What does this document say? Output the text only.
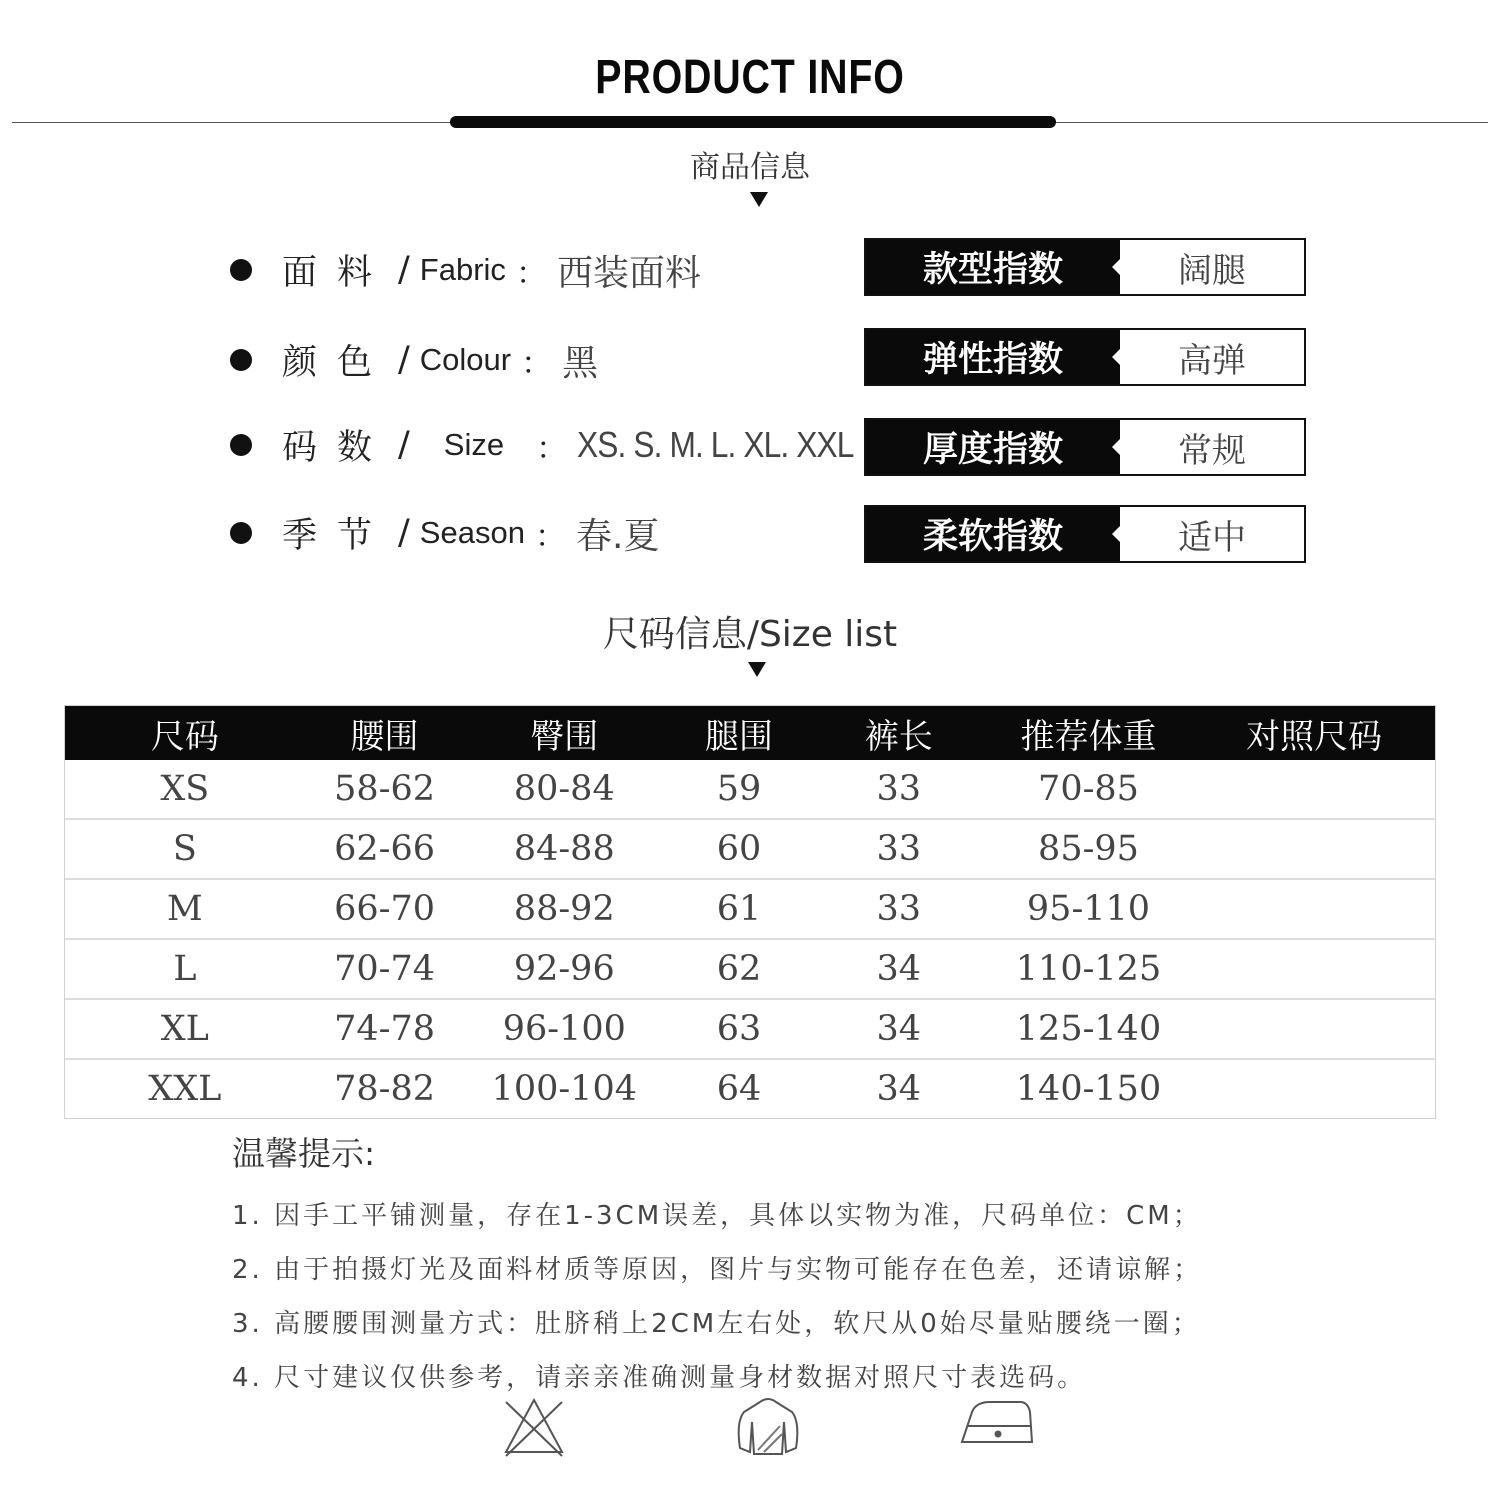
PRODUCT INFO
商品信息
面料 / Fabric ： 西装面料
颜色 / Colour ： 黑
码数 / Size ： XS. S. M. L. XL. XXL
季节 / Season ： 春.夏
款型指数	阔腿
弹性指数	高弹
厚度指数	常规
柔软指数	适中
尺码信息/Size list
尺码	腰围	臀围	腿围	裤长	推荐体重	对照尺码
XS	58-62	80-84	59	33	70-85
S	62-66	84-88	60	33	85-95
M	66-70	88-92	61	33	95-110
L	70-74	92-96	62	34	110-125
XL	74-78	96-100	63	34	125-140
XXL	78-82	100-104	64	34	140-150
温馨提示:
1. 因手工平铺测量，存在1-3CM误差，具体以实物为准，尺码单位：CM；
2. 由于拍摄灯光及面料材质等原因，图片与实物可能存在色差，还请谅解；
3. 高腰腰围测量方式：肚脐稍上2CM左右处，软尺从0始尽量贴腰绕一圈；
4. 尺寸建议仅供参考，请亲亲准确测量身材数据对照尺寸表选码。
